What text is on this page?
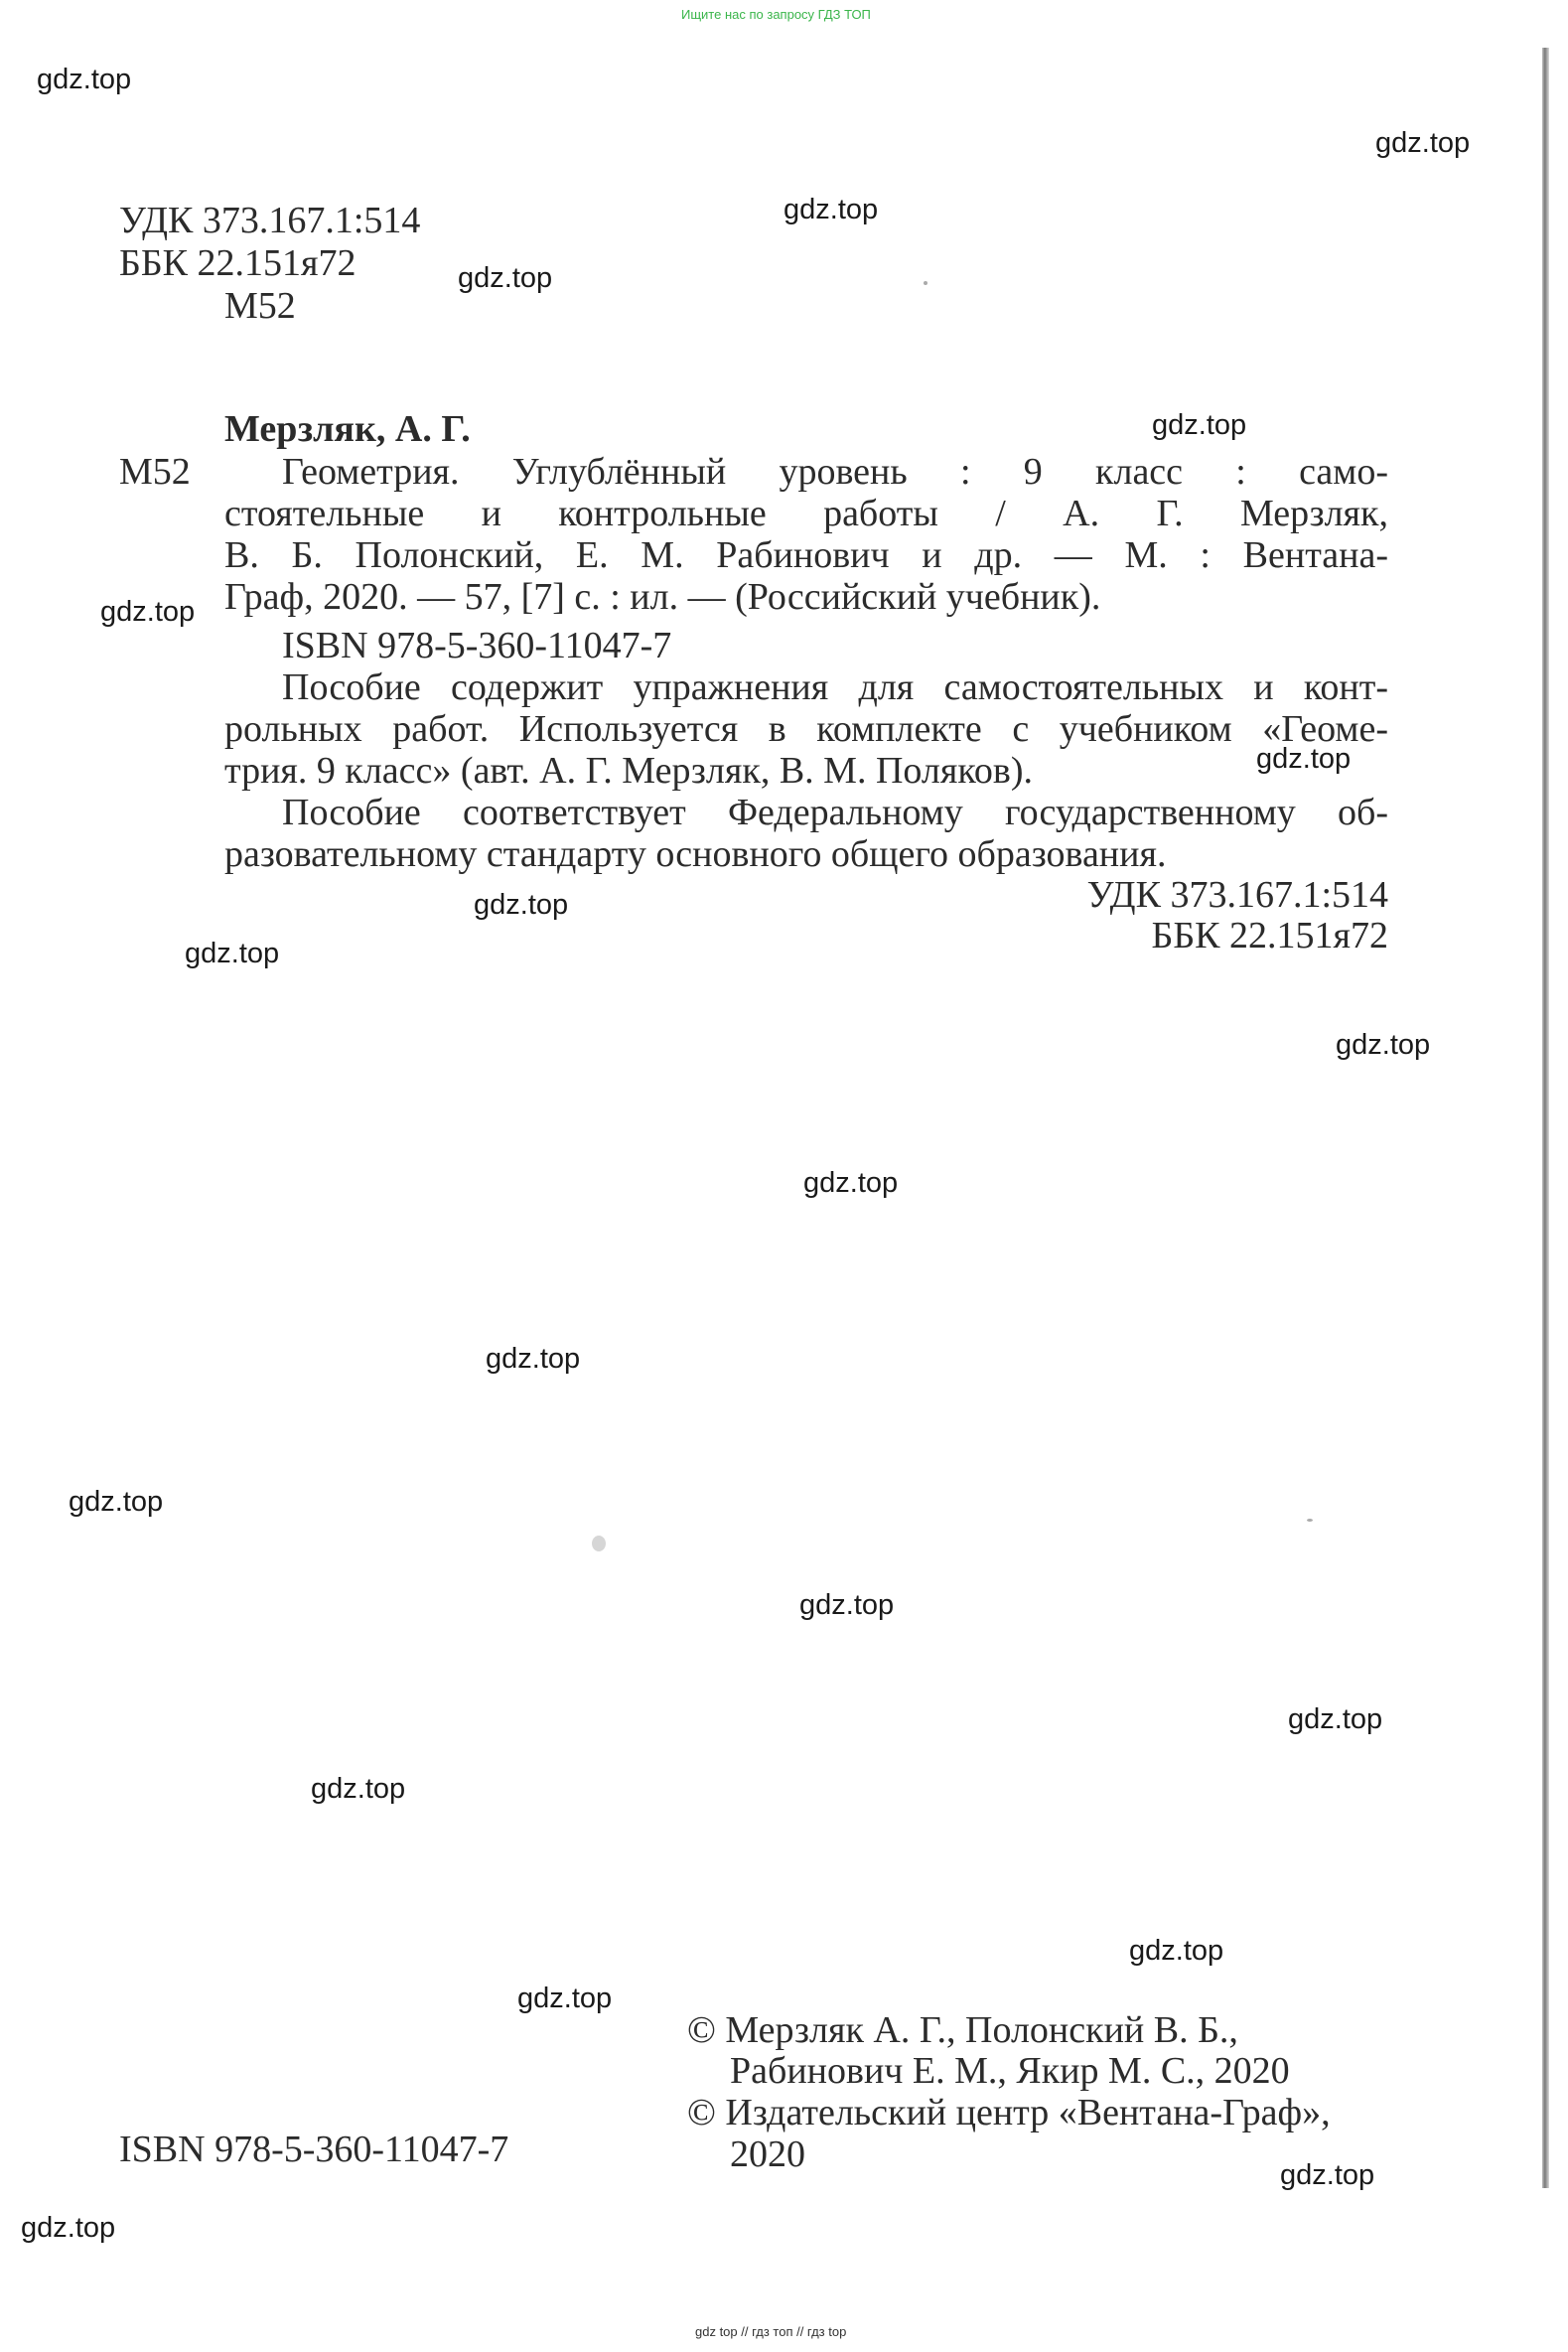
Ищите нас по запросу ГДЗ ТОП
УДК 373.167.1:514
ББК 22.151я72
М52
Мерзляк, А. Г.
М52 Геометрия. Углублённый уровень : 9 класс : само-
стоятельные и контрольные работы / А. Г. Мерзляк,
В. Б. Полонский, Е. М. Рабинович и др. — М. : Вентана-
Граф, 2020. — 57, [7] с. : ил. — (Российский учебник).
ISBN 978-5-360-11047-7
Пособие содержит упражнения для самостоятельных и конт-
рольных работ. Используется в комплекте с учебником «Геоме-
трия. 9 класс» (авт. А. Г. Мерзляк, В. М. Поляков).
Пособие соответствует Федеральному государственному об-
разовательному стандарту основного общего образования.
УДК 373.167.1:514
ББК 22.151я72
ISBN 978-5-360-11047-7
© Мерзляк А. Г., Полонский В. Б.,
Рабинович Е. М., Якир М. С., 2020
© Издательский центр «Вентана-Граф»,
2020
gdz.top
gdz.top
gdz.top
gdz.top
gdz.top
gdz.top
gdz.top
gdz.top
gdz.top
gdz.top
gdz.top
gdz.top
gdz.top
gdz.top
gdz.top
gdz.top
gdz.top
gdz.top
gdz.top
gdz.top
gdz top // гдз топ // гдз top
